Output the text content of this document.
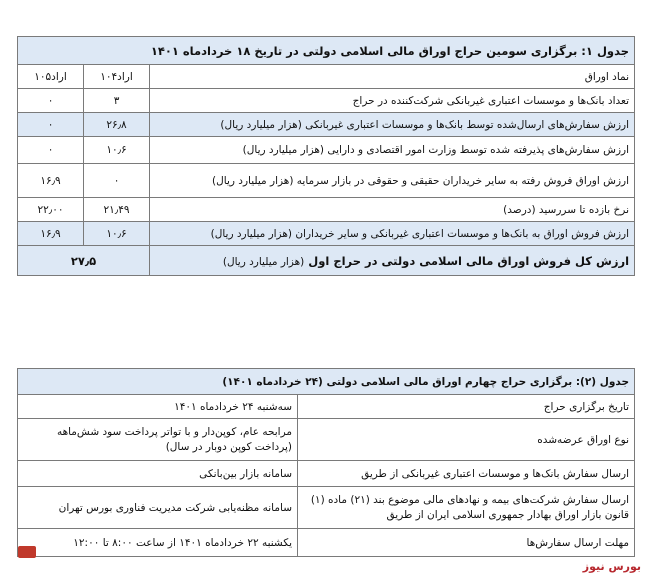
جدول ۱: برگزاری سومین حراج اوراق مالی اسلامی دولتی در تاریخ ۱۸ خردادماه ۱۴۰۱		
نماد اوراق	اراد۱۰۴	اراد۱۰۵
تعداد بانک‌ها و موسسات اعتباری غیربانکی شرکت‌کننده در حراج	۳	۰
ارزش سفارش‌های ارسال‌شده توسط بانک‌ها و موسسات اعتباری غیربانکی (هزار میلیارد ریال)	۲۶٫۸	۰
ارزش سفارش‌های پذیرفته شده توسط وزارت امور اقتصادی و دارایی (هزار میلیارد ریال)	۱۰٫۶	۰
ارزش اوراق فروش رفته به سایر خریداران حقیقی و حقوقی در بازار سرمایه (هزار میلیارد ریال)	۰	۱۶٫۹
نرخ بازده تا سررسید (درصد)	۲۱٫۴۹	۲۲٫۰۰
ارزش فروش اوراق به بانک‌ها و موسسات اعتباری غیربانکی و سایر خریداران (هزار میلیارد ریال)	۱۰٫۶	۱۶٫۹
ارزش کل فروش اوراق مالی اسلامی دولتی در حراج اول (هزار میلیارد ریال)	۲۷٫۵	
جدول (۲): برگزاری حراج چهارم اوراق مالی اسلامی دولتی (۲۴ خردادماه ۱۴۰۱)	
تاریخ برگزاری حراج	سه‌شنبه ۲۴ خردادماه ۱۴۰۱
نوع اوراق عرضه‌شده	مرابحه عام، کوپن‌دار و با تواتر پرداخت سود شش‌ماهه (پرداخت کوپن دوبار در سال)
ارسال سفارش بانک‌ها و موسسات اعتباری غیربانکی از طریق	سامانه بازار بین‌بانکی
ارسال سفارش شرکت‌های بیمه و نهادهای مالی موضوع بند (۲۱) ماده (۱) قانون بازار اوراق بهادار جمهوری اسلامی ایران از طریق	سامانه مظنه‌یابی شرکت مدیریت فناوری بورس تهران
مهلت ارسال سفارش‌ها	یکشنبه ۲۲ خردادماه ۱۴۰۱ از ساعت ۸:۰۰ تا ۱۲:۰۰
بورس نیوز
